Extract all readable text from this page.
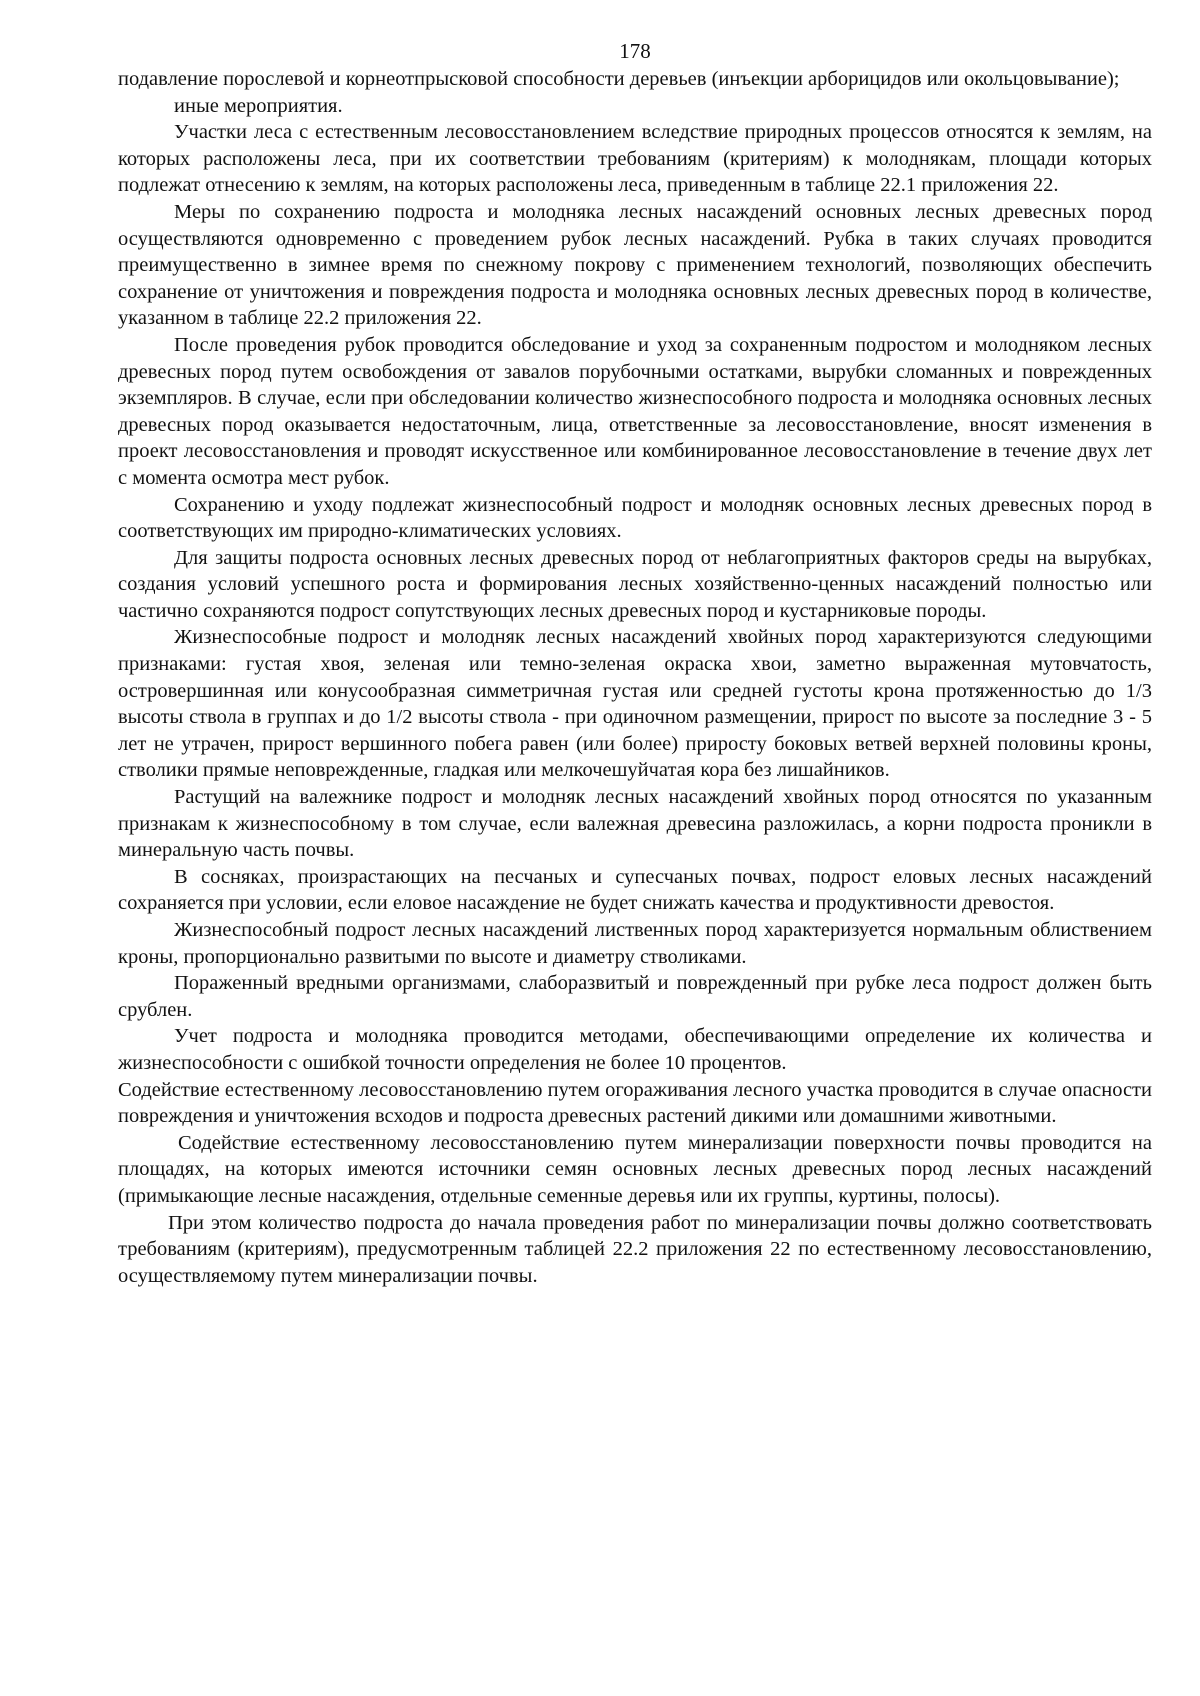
178

подавление порослевой и корнеотпрысковой способности деревьев (инъекции арборицидов или окольцовывание);

иные мероприятия.

Участки леса с естественным лесовосстановлением вследствие природных процессов относятся к землям, на которых расположены леса, при их соответствии требованиям (критериям) к молоднякам, площади которых подлежат отнесению к землям, на которых расположены леса, приведенным в таблице 22.1 приложения 22.

Меры по сохранению подроста и молодняка лесных насаждений основных лесных древесных пород осуществляются одновременно с проведением рубок лесных насаждений. Рубка в таких случаях проводится преимущественно в зимнее время по снежному покрову с применением технологий, позволяющих обеспечить сохранение от уничтожения и повреждения подроста и молодняка основных лесных древесных пород в количестве, указанном в таблице 22.2 приложения 22.

После проведения рубок проводится обследование и уход за сохраненным подростом и молодняком лесных древесных пород путем освобождения от завалов порубочными остатками, вырубки сломанных и поврежденных экземпляров. В случае, если при обследовании количество жизнеспособного подроста и молодняка основных лесных древесных пород оказывается недостаточным, лица, ответственные за лесовосстановление, вносят изменения в проект лесовосстановления и проводят искусственное или комбинированное лесовосстановление в течение двух лет с момента осмотра мест рубок.

Сохранению и уходу подлежат жизнеспособный подрост и молодняк основных лесных древесных пород в соответствующих им природно-климатических условиях.

Для защиты подроста основных лесных древесных пород от неблагоприятных факторов среды на вырубках, создания условий успешного роста и формирования лесных хозяйственно-ценных насаждений полностью или частично сохраняются подрост сопутствующих лесных древесных пород и кустарниковые породы.

Жизнеспособные подрост и молодняк лесных насаждений хвойных пород характеризуются следующими признаками: густая хвоя, зеленая или темно-зеленая окраска хвои, заметно выраженная мутовчатость, островершинная или конусообразная симметричная густая или средней густоты крона протяженностью до 1/3 высоты ствола в группах и до 1/2 высоты ствола - при одиночном размещении, прирост по высоте за последние 3 - 5 лет не утрачен, прирост вершинного побега равен (или более) приросту боковых ветвей верхней половины кроны, стволики прямые неповрежденные, гладкая или мелкочешуйчатая кора без лишайников.

Растущий на валежнике подрост и молодняк лесных насаждений хвойных пород относятся по указанным признакам к жизнеспособному в том случае, если валежная древесина разложилась, а корни подроста проникли в минеральную часть почвы.

В сосняках, произрастающих на песчаных и супесчаных почвах, подрост еловых лесных насаждений сохраняется при условии, если еловое насаждение не будет снижать качества и продуктивности древостоя.

Жизнеспособный подрост лесных насаждений лиственных пород характеризуется нормальным облиствением кроны, пропорционально развитыми по высоте и диаметру стволиками.

Пораженный вредными организмами, слаборазвитый и поврежденный при рубке леса подрост должен быть срублен.

Учет подроста и молодняка проводится методами, обеспечивающими определение их количества и жизнеспособности с ошибкой точности определения не более 10 процентов.

Содействие естественному лесовосстановлению путем огораживания лесного участка проводится в случае опасности повреждения и уничтожения всходов и подроста древесных растений дикими или домашними животными.

Содействие естественному лесовосстановлению путем минерализации поверхности почвы проводится на площадях, на которых имеются источники семян основных лесных древесных пород лесных насаждений (примыкающие лесные насаждения, отдельные семенные деревья или их группы, куртины, полосы).

При этом количество подроста до начала проведения работ по минерализации почвы должно соответствовать требованиям (критериям), предусмотренным таблицей 22.2 приложения 22 по естественному лесовосстановлению, осуществляемому путем минерализации почвы.
